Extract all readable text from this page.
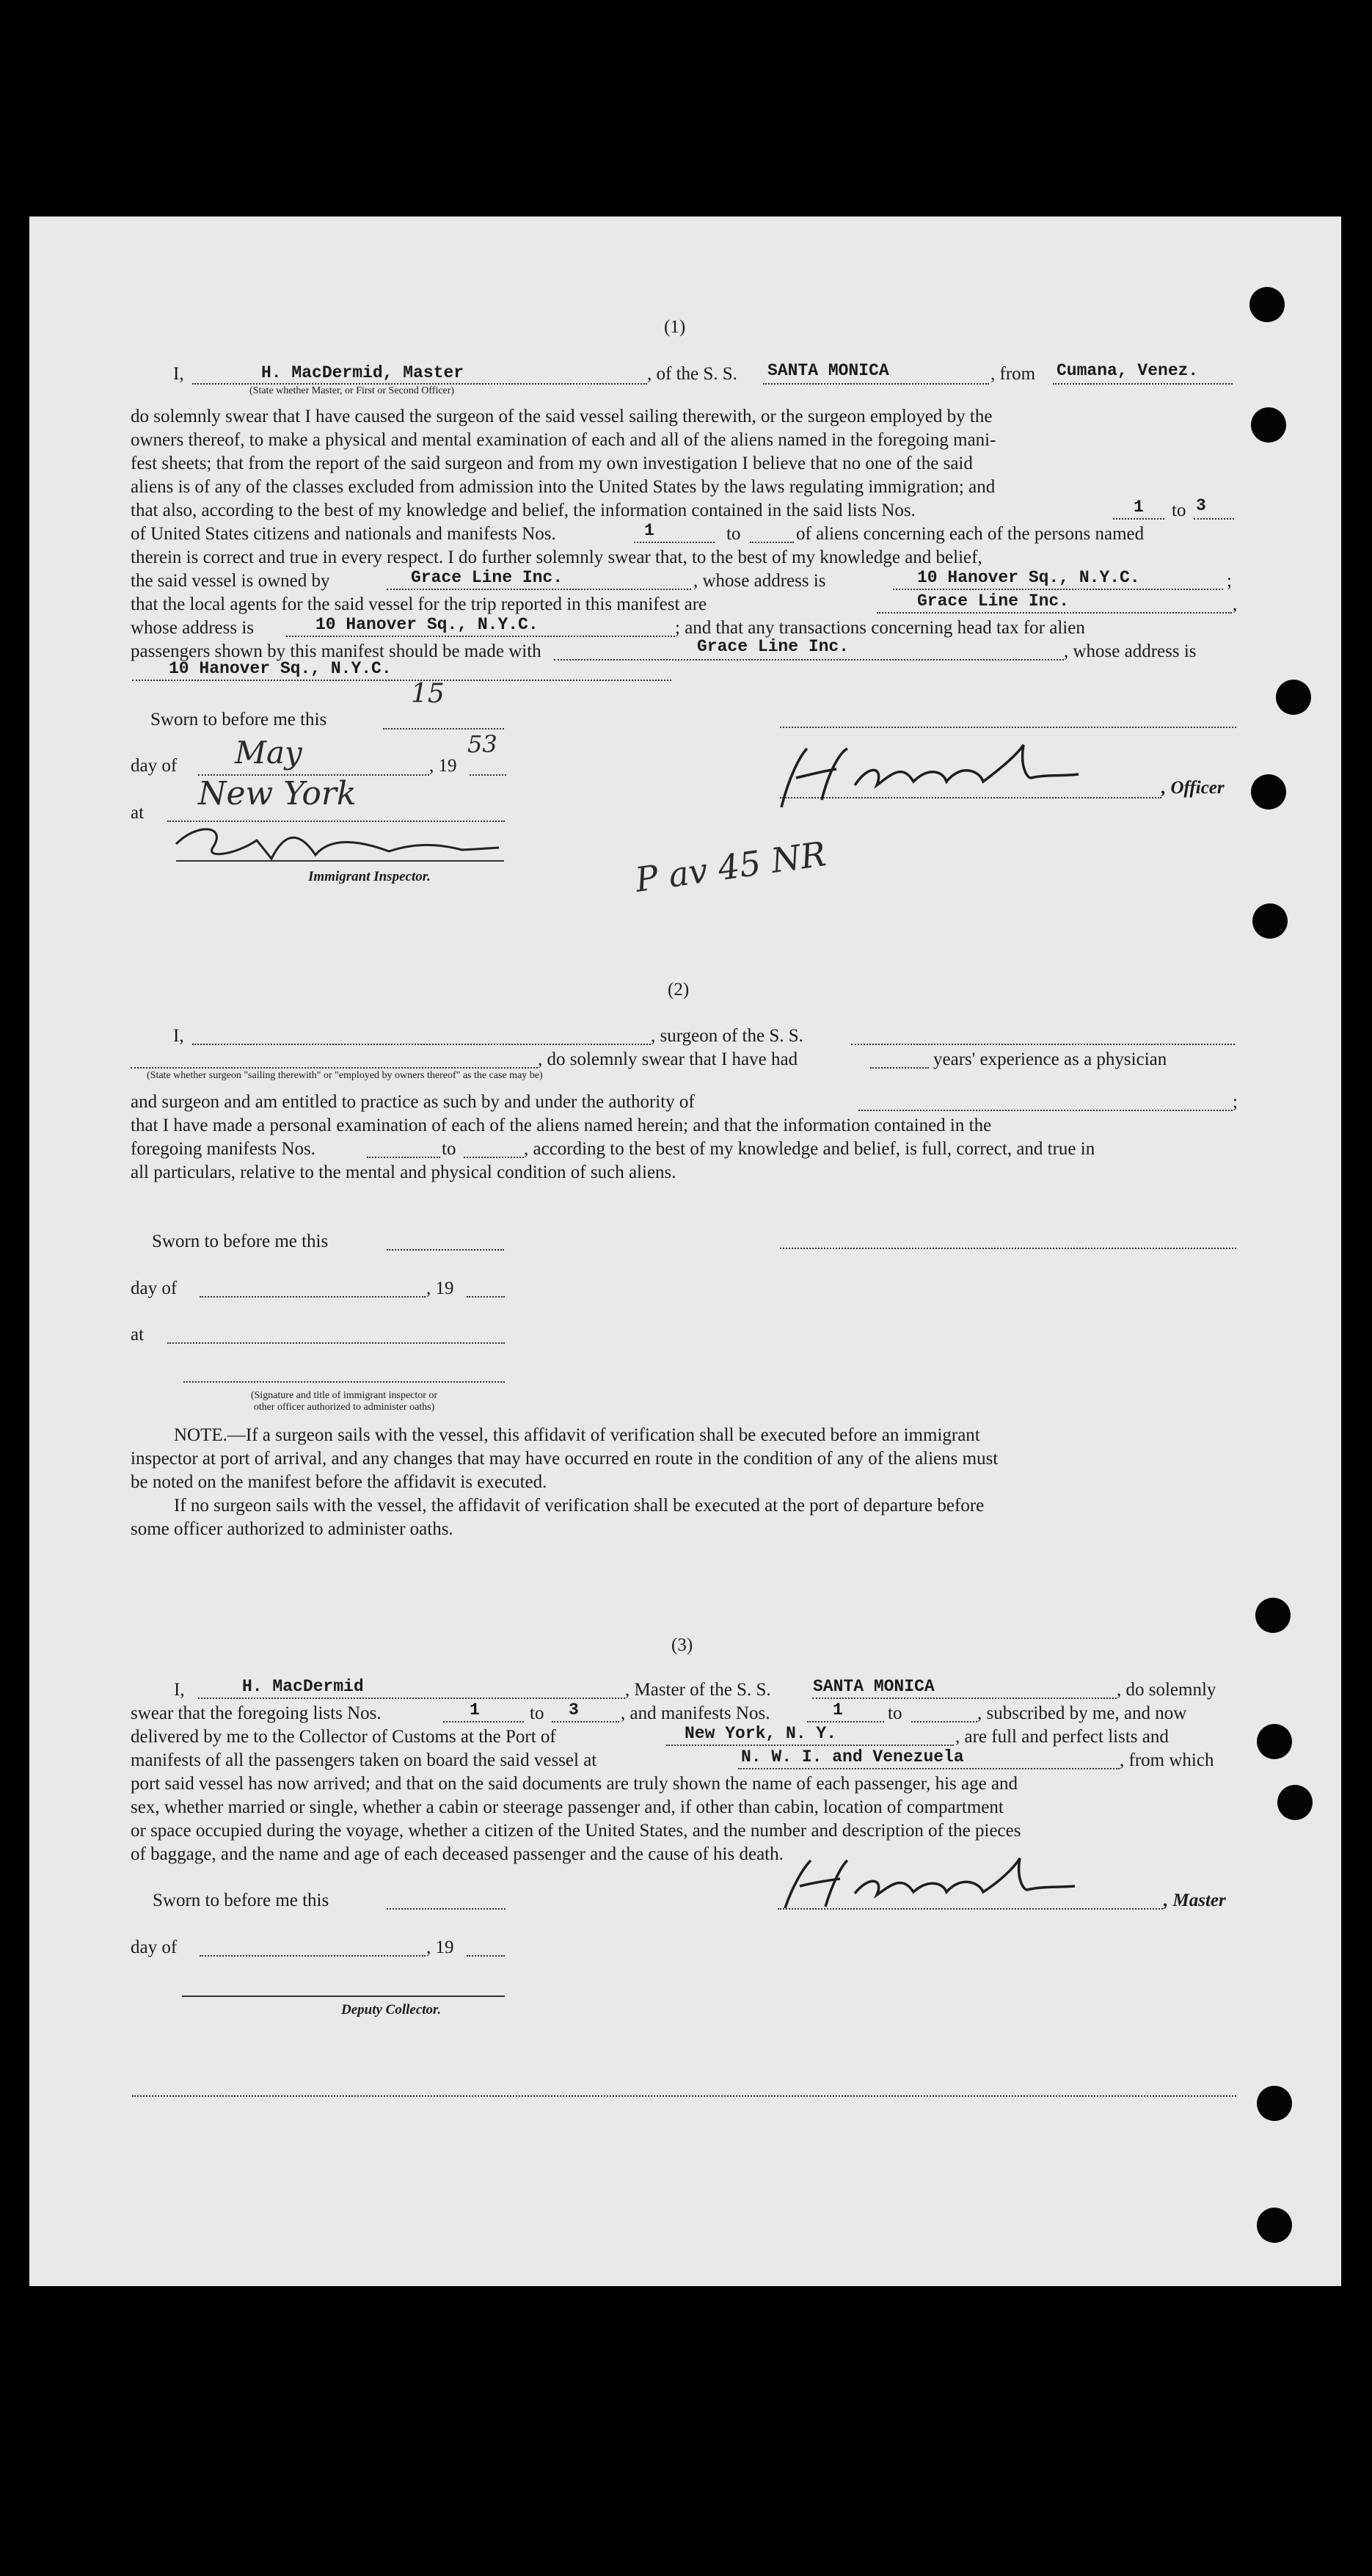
(1)
I,	H. MacDermid, Master	, of the S. S. SANTA MONICA	, from Cumana, Venez.
(State whether Master, or First or Second Officer)
do solemnly swear that I have caused the surgeon of the said vessel sailing therewith, or the surgeon employed by the
owners thereof, to make a physical and mental examination of each and all of the aliens named in the foregoing mani-
fest sheets; that from the report of the said surgeon and from my own investigation I believe that no one of the said
aliens is of any of the classes excluded from admission into the United States by the laws regulating immigration; and
that also, according to the best of my knowledge and belief, the information contained in the said lists Nos.	1 to 3
of United States citizens and nationals and manifests Nos.	1	to	of aliens concerning each of the persons named
therein is correct and true in every respect. I do further solemnly swear that, to the best of my knowledge and belief,
the said vessel is owned by	Grace Line Inc.	, whose address is	10 Hanover Sq., N.Y.C.	;
that the local agents for the said vessel for the trip reported in this manifest are	Grace Line Inc.	,
whose address is	10 Hanover Sq., N.Y.C.	; and that any transactions concerning head tax for alien
passengers shown by this manifest should be made with	Grace Line Inc.	, whose address is
10 Hanover Sq., N.Y.C.
Sworn to before me this
day of	, 19
at
Immigrant Inspector.
, Officer
15
May	53
New York
P av 45 NR
(2)
I,	, surgeon of the S. S.
, do solemnly swear that I have had	years' experience as a physician
(State whether surgeon "sailing therewith" or "employed by owners thereof" as the case may be)
and surgeon and am entitled to practice as such by and under the authority of	;
that I have made a personal examination of each of the aliens named herein; and that the information contained in the
foregoing manifests Nos.	to	, according to the best of my knowledge and belief, is full, correct, and true in
all particulars, relative to the mental and physical condition of such aliens.
Sworn to before me this
day of	, 19
at
(Signature and title of immigrant inspector or
other officer authorized to administer oaths)
NOTE.—If a surgeon sails with the vessel, this affidavit of verification shall be executed before an immigrant
inspector at port of arrival, and any changes that may have occurred en route in the condition of any of the aliens must
be noted on the manifest before the affidavit is executed.
If no surgeon sails with the vessel, the affidavit of verification shall be executed at the port of departure before
some officer authorized to administer oaths.
(3)
I,	H. MacDermid	, Master of the S. S. SANTA MONICA	, do solemnly
swear that the foregoing lists Nos.	1	to 3 , and manifests Nos.	1 to	, subscribed by me, and now
delivered by me to the Collector of Customs at the Port of	New York, N. Y.	, are full and perfect lists and
manifests of all the passengers taken on board the said vessel at	N. W. I. and Venezuela	, from which
port said vessel has now arrived; and that on the said documents are truly shown the name of each passenger, his age and
sex, whether married or single, whether a cabin or steerage passenger and, if other than cabin, location of compartment
or space occupied during the voyage, whether a citizen of the United States, and the number and description of the pieces
of baggage, and the name and age of each deceased passenger and the cause of his death.
Sworn to before me this	, Master
day of	, 19
Deputy Collector.
